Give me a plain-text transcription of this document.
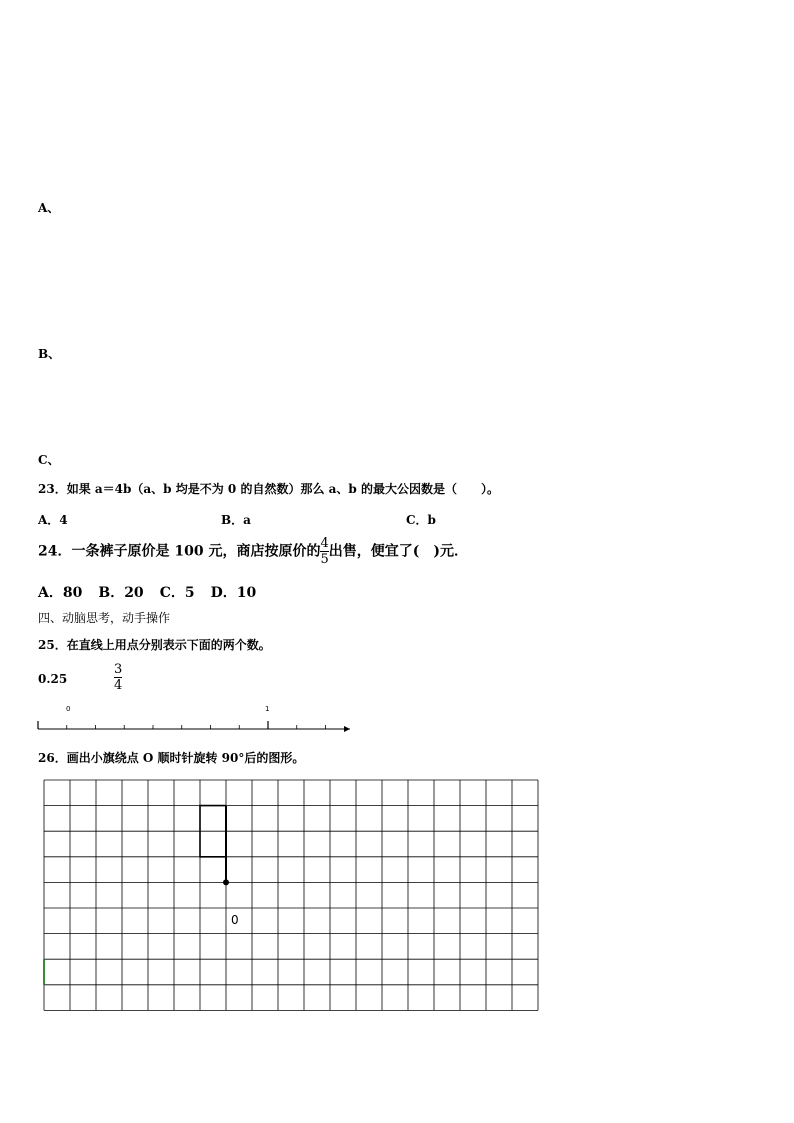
A、
B、
C、
23．如果 a＝4b（a、b 均是不为 0 的自然数）那么 a、b 的最大公因数是（　　）。
A．4	B．a	C．b
24．一条裤子原价是 100 元，商店按原价的 $\frac{4}{5}$ 出售，便宜了(　)元．
A．80 B．20 C．5 D．10
四、动脑思考，动手操作
25．在直线上用点分别表示下面的两个数。
0.25	$\frac{3}{4}$
0	1
26．画出小旗绕点 O 顺时针旋转 90°后的图形。
0
